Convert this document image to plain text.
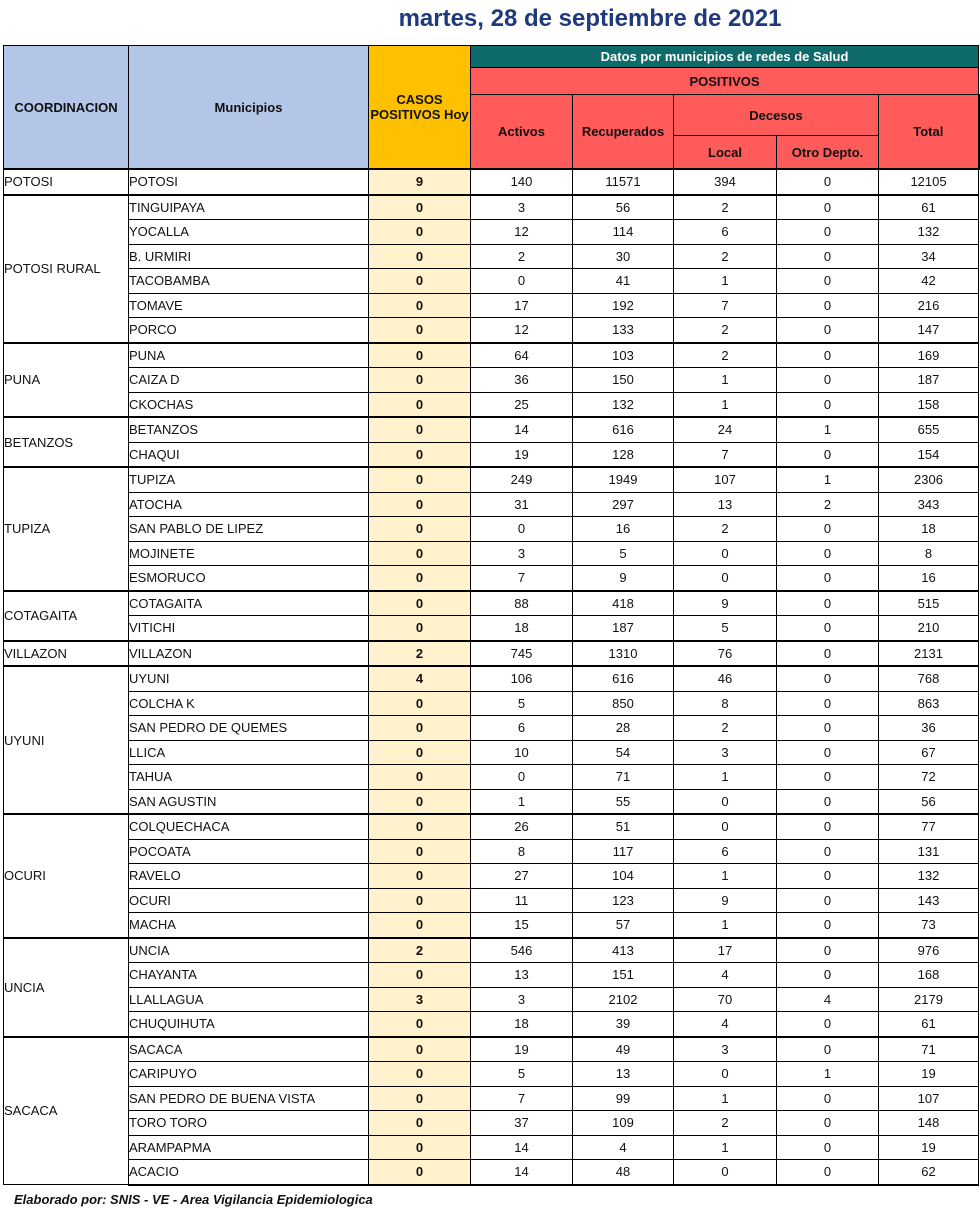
martes, 28 de septiembre de 2021
COORDINACION	Municipios	CASOS POSITIVOS Hoy	Datos por municipios de redes de Salud				
			POSITIVOS				
			Activos	Recuperados	Decesos		Total
					Local	Otro Depto.	
POTOSI	POTOSI	9	140	11571	394	0	12105
POTOSI RURAL	TINGUIPAYA	0	3	56	2	0	61
	YOCALLA	0	12	114	6	0	132
	B. URMIRI	0	2	30	2	0	34
	TACOBAMBA	0	0	41	1	0	42
	TOMAVE	0	17	192	7	0	216
	PORCO	0	12	133	2	0	147
PUNA	PUNA	0	64	103	2	0	169
	CAIZA D	0	36	150	1	0	187
	CKOCHAS	0	25	132	1	0	158
BETANZOS	BETANZOS	0	14	616	24	1	655
	CHAQUI	0	19	128	7	0	154
TUPIZA	TUPIZA	0	249	1949	107	1	2306
	ATOCHA	0	31	297	13	2	343
	SAN PABLO DE LIPEZ	0	0	16	2	0	18
	MOJINETE	0	3	5	0	0	8
	ESMORUCO	0	7	9	0	0	16
COTAGAITA	COTAGAITA	0	88	418	9	0	515
	VITICHI	0	18	187	5	0	210
VILLAZON	VILLAZON	2	745	1310	76	0	2131
UYUNI	UYUNI	4	106	616	46	0	768
	COLCHA K	0	5	850	8	0	863
	SAN PEDRO DE QUEMES	0	6	28	2	0	36
	LLICA	0	10	54	3	0	67
	TAHUA	0	0	71	1	0	72
	SAN AGUSTIN	0	1	55	0	0	56
OCURI	COLQUECHACA	0	26	51	0	0	77
	POCOATA	0	8	117	6	0	131
	RAVELO	0	27	104	1	0	132
	OCURI	0	11	123	9	0	143
	MACHA	0	15	57	1	0	73
UNCIA	UNCIA	2	546	413	17	0	976
	CHAYANTA	0	13	151	4	0	168
	LLALLAGUA	3	3	2102	70	4	2179
	CHUQUIHUTA	0	18	39	4	0	61
SACACA	SACACA	0	19	49	3	0	71
	CARIPUYO	0	5	13	0	1	19
	SAN PEDRO DE BUENA VISTA	0	7	99	1	0	107
	TORO TORO	0	37	109	2	0	148
	ARAMPAPMA	0	14	4	1	0	19
	ACACIO	0	14	48	0	0	62
Elaborado por: SNIS - VE - Area Vigilancia Epidemiologica
